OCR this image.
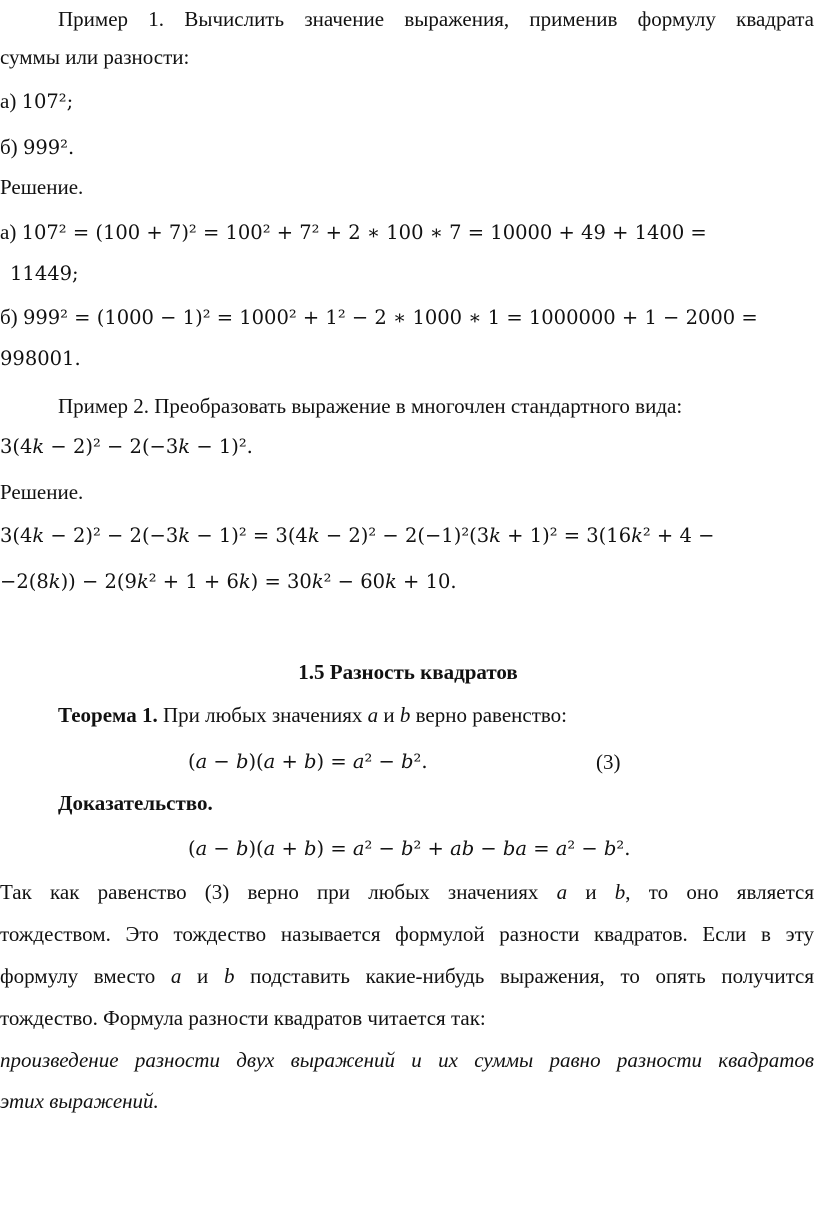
Пример 1. Вычислить значение выражения, применив формулу квадрата
суммы или разности:
а) 107²;
б) 999².
Решение.
а) 107² = (100 + 7)² = 100² + 7² + 2 ∗ 100 ∗ 7 = 10000 + 49 + 1400 =
11449;
б) 999² = (1000 − 1)² = 1000² + 1² − 2 ∗ 1000 ∗ 1 = 1000000 + 1 − 2000 =
998001.
Пример 2. Преобразовать выражение в многочлен стандартного вида:
3(4𝑘 − 2)² − 2(−3𝑘 − 1)².
Решение.
3(4𝑘 − 2)² − 2(−3𝑘 − 1)² = 3(4𝑘 − 2)² − 2(−1)²(3𝑘 + 1)² = 3(16𝑘² + 4 −
−2(8𝑘)) − 2(9𝑘² + 1 + 6𝑘) = 30𝑘² − 60𝑘 + 10.
1.5 Разность квадратов
Теорема 1. При любых значениях a и b верно равенство:
(𝑎 − 𝑏)(𝑎 + 𝑏) = 𝑎² − 𝑏².	(3)
Доказательство.
(𝑎 − 𝑏)(𝑎 + 𝑏) = 𝑎² − 𝑏² + 𝑎𝑏 − 𝑏𝑎 = 𝑎² − 𝑏².
Так как равенство (3) верно при любых значениях a и b, то оно является
тождеством. Это тождество называется формулой разности квадратов. Если в эту
формулу вместо a и b подставить какие-нибудь выражения, то опять получится
тождество. Формула разности квадратов читается так:
произведение разности двух выражений и их суммы равно разности квадратов
этих выражений.
